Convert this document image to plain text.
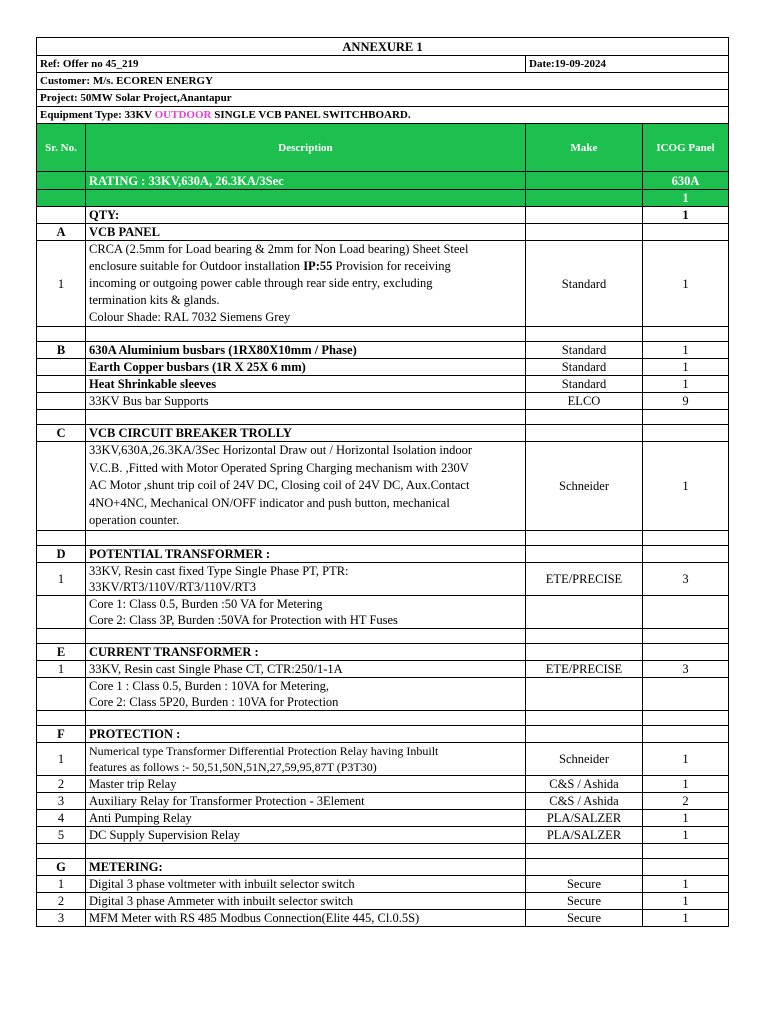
ANNEXURE 1			
Ref: Offer no 45_219		Date:19-09-2024	
Customer: M/s. ECOREN ENERGY			
Project: 50MW Solar Project,Anantapur			
Equipment Type: 33KV OUTDOOR SINGLE VCB PANEL SWITCHBOARD.			
Sr. No.	Description	Make	ICOG Panel
	RATING : 33KV,630A, 26.3KA/3Sec		630A
			1
	QTY:		1
A	VCB PANEL		
1	CRCA (2.5mm for Load bearing & 2mm for Non Load bearing) Sheet Steel
enclosure suitable for Outdoor installation IP:55 Provision for receiving
incoming or outgoing power cable through rear side entry, excluding
termination kits & glands.
Colour Shade: RAL 7032 Siemens Grey	Standard	1

B	630A Aluminium busbars (1RX80X10mm / Phase)	Standard	1
	Earth Copper busbars (1R X 25X 6 mm)	Standard	1
	Heat Shrinkable sleeves	Standard	1
	33KV Bus bar Supports	ELCO	9

C	VCB CIRCUIT BREAKER TROLLY		

	33KV,630A,26.3KA/3Sec Horizontal Draw out / Horizontal Isolation indoor
V.C.B. ,Fitted with Motor Operated Spring Charging mechanism with 230V
AC Motor ,shunt trip coil of 24V DC, Closing coil of 24V DC, Aux.Contact
4NO+4NC, Mechanical ON/OFF indicator and push button, mechanical
operation counter.	Schneider	1

D	POTENTIAL TRANSFORMER :		
1	33KV, Resin cast fixed Type Single Phase PT, PTR:
33KV/RT3/110V/RT3/110V/RT3	ETE/PRECISE	3

	Core 1: Class 0.5, Burden :50 VA for Metering
Core 2: Class 3P, Burden :50VA for Protection with HT Fuses		

E	CURRENT TRANSFORMER :		
1	33KV, Resin cast Single Phase CT, CTR:250/1-1A	ETE/PRECISE	3

	Core 1 : Class 0.5, Burden : 10VA for Metering,
Core 2: Class 5P20, Burden : 10VA for Protection		

F	PROTECTION :		
1	Numerical type Transformer Differential Protection Relay having Inbuilt
features as follows :- 50,51,50N,51N,27,59,95,87T (P3T30)	Schneider	1
2	Master trip Relay	C&S / Ashida	1
3	Auxiliary Relay for Transformer Protection - 3Element	C&S / Ashida	2
4	Anti Pumping Relay	PLA/SALZER	1
5	DC Supply Supervision Relay	PLA/SALZER	1

G	METERING:		
1	Digital 3 phase voltmeter with inbuilt selector switch	Secure	1
2	Digital 3 phase Ammeter with inbuilt selector switch	Secure	1
3	MFM Meter with RS 485 Modbus Connection(Elite 445, Cl.0.5S)	Secure	1
